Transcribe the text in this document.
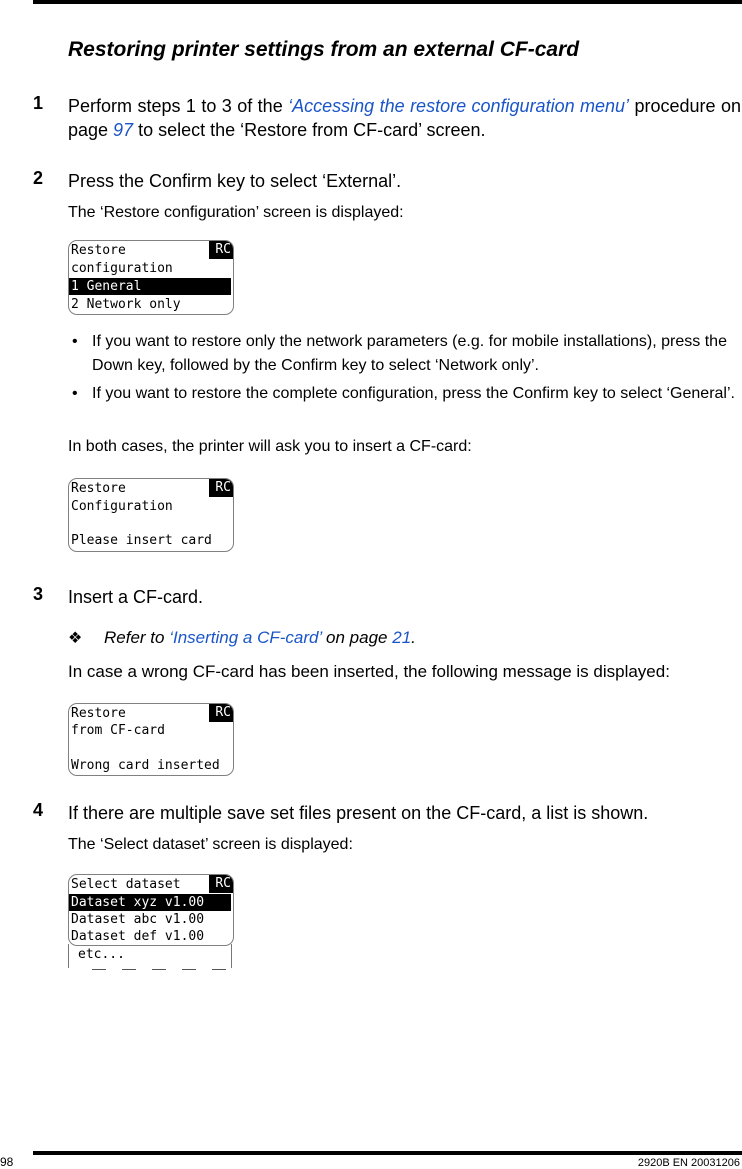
Restoring printer settings from an external CF-card
1 Perform steps 1 to 3 of the ‘Accessing the restore configuration menu’ procedure on page 97 to select the ‘Restore from CF-card’ screen.
2 Press the Confirm key to select ‘External’.
The ‘Restore configuration’ screen is displayed:
Restore	RC
configuration
1 General
2 Network only
• If you want to restore only the network parameters (e.g. for mobile installations), press the Down key, followed by the Confirm key to select ‘Network only’.
• If you want to restore the complete configuration, press the Confirm key to select ‘General’.
In both cases, the printer will ask you to insert a CF-card:
Restore	RC
Configuration
Please insert card
3 Insert a CF-card.
❖ Refer to ‘Inserting a CF-card’ on page 21.
In case a wrong CF-card has been inserted, the following message is displayed:
Restore	RC
from CF-card
Wrong card inserted
4 If there are multiple save set files present on the CF-card, a list is shown.
The ‘Select dataset’ screen is displayed:
Select dataset	RC
Dataset xyz v1.00
Dataset abc v1.00
Dataset def v1.00
etc...
98	2920B EN 20031206
